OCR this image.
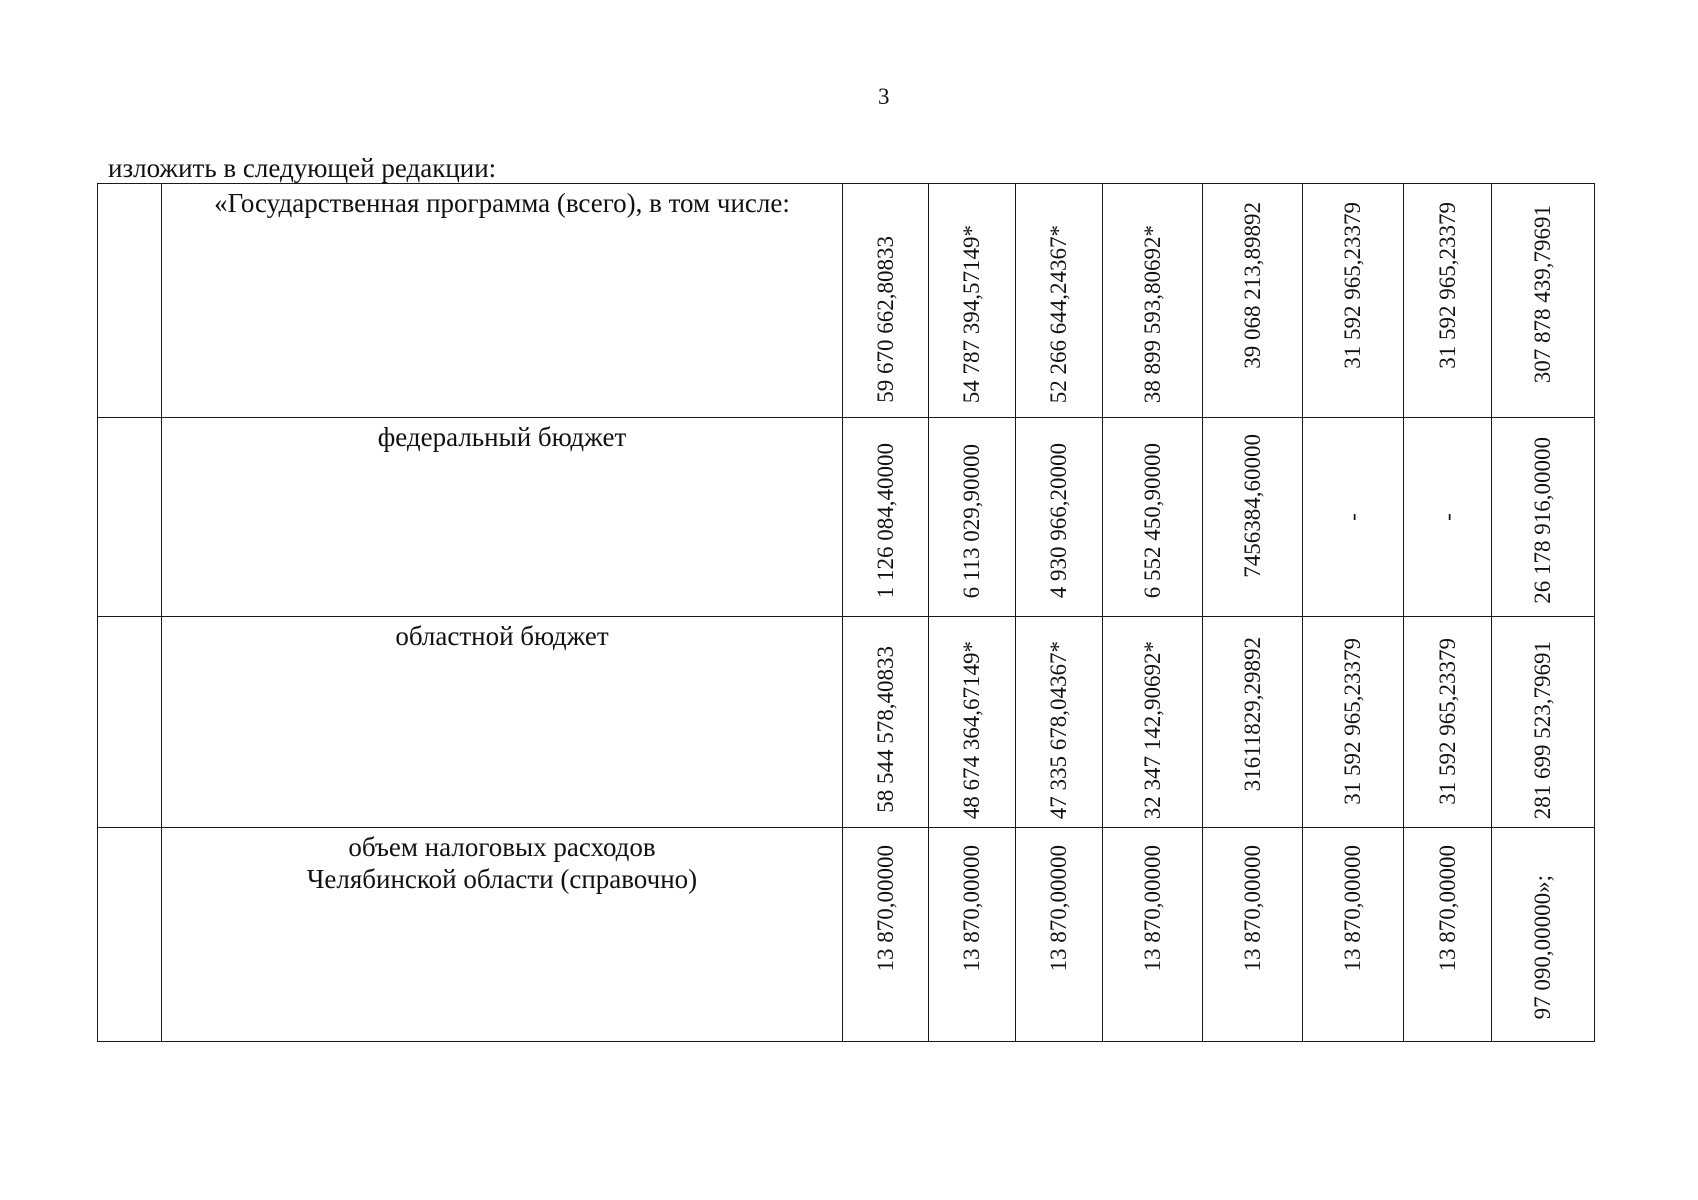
3
изложить в следующей редакции:

	«Государственная программа (всего), в том числе:	59 670 662,80833	54 787 394,57149*	52 266 644,24367*	38 899 593,80692*	39 068 213,89892	31 592 965,23379	31 592 965,23379	307 878 439,79691

	федеральный бюджет	1 126 084,40000	6 113 029,90000	4 930 966,20000	6 552 450,90000	7456384,60000	-	-	26 178 916,00000

	областной бюджет	58 544 578,40833	48 674 364,67149*	47 335 678,04367*	32 347 142,90692*	31611829,29892	31 592 965,23379	31 592 965,23379	281 699 523,79691

	объем налоговых расходов
Челябинской области (справочно)	13 870,00000	13 870,00000	13 870,00000	13 870,00000	13 870,00000	13 870,00000	13 870,00000	97 090,00000»;
